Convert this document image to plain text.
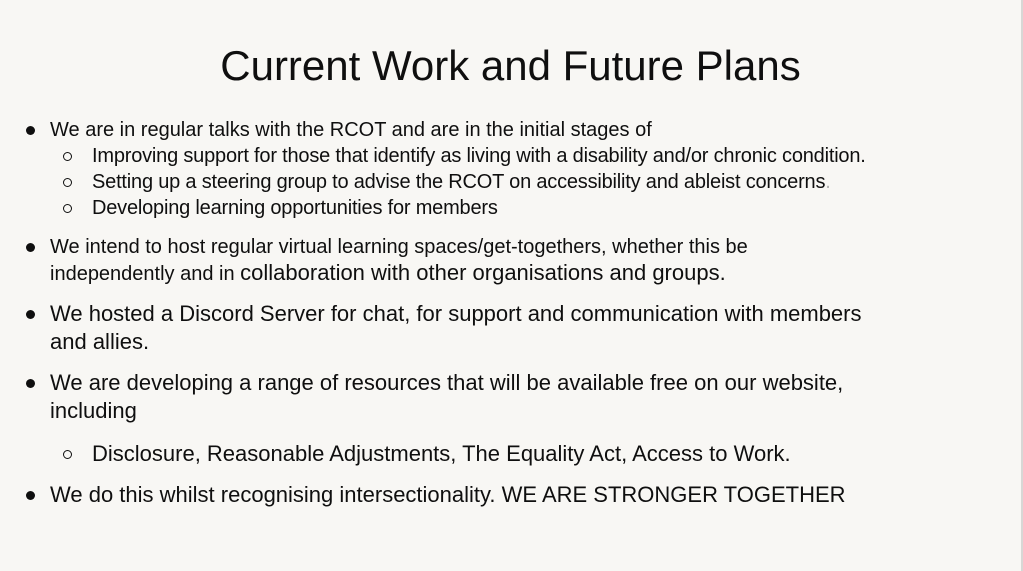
Current Work and Future Plans
We are in regular talks with the RCOT and are in the initial stages of
Improving support for those that identify as living with a disability and/or chronic condition.
Setting up a steering group to advise the RCOT on accessibility and ableist concerns.
Developing learning opportunities for members
We intend to host regular virtual learning spaces/get-togethers, whether this be
independently and in collaboration with other organisations and groups.
We hosted a Discord Server for chat, for support and communication with members
and allies.
We are developing a range of resources that will be available free on our website,
including
Disclosure, Reasonable Adjustments, The Equality Act, Access to Work.
We do this whilst recognising intersectionality. WE ARE STRONGER TOGETHER
